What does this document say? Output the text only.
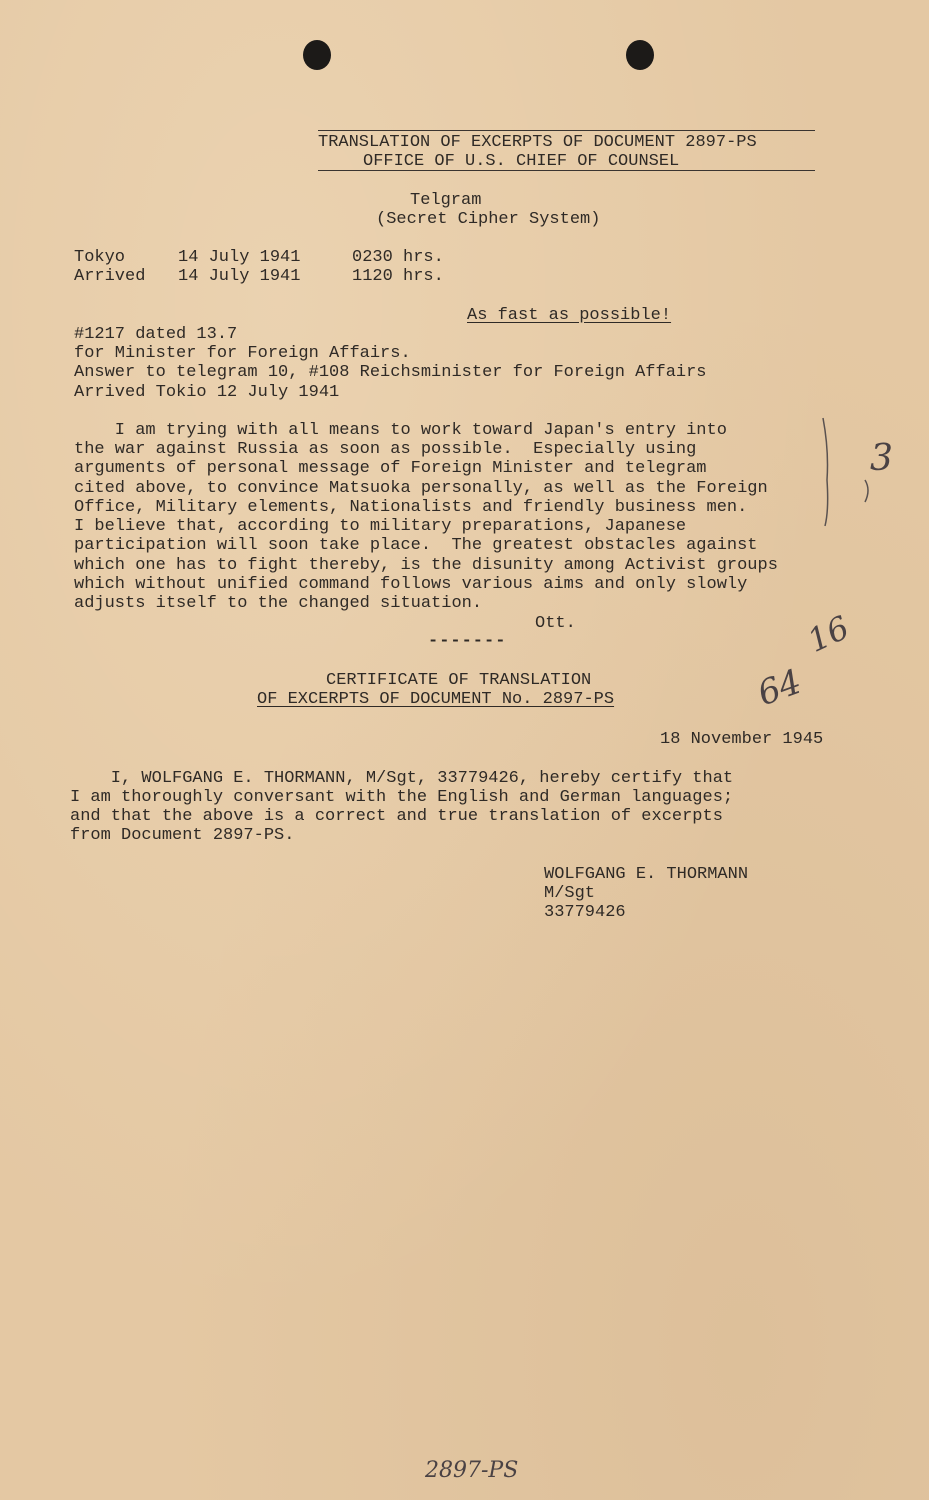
TRANSLATION OF EXCERPTS OF DOCUMENT 2897-PS
OFFICE OF U.S. CHIEF OF COUNSEL
Telgram
(Secret Cipher System)
Tokyo	14 July 1941	0230 hrs.
Arrived 14 July 1941	1120 hrs.
As fast as possible!
#1217 dated 13.7
for Minister for Foreign Affairs.
Answer to telegram 10, #108 Reichsminister for Foreign Affairs
Arrived Tokio 12 July 1941
I am trying with all means to work toward Japan's entry into
the war against Russia as soon as possible.  Especially using
arguments of personal message of Foreign Minister and telegram
cited above, to convince Matsuoka personally, as well as the Foreign
Office, Military elements, Nationalists and friendly business men.
I believe that, according to military preparations, Japanese
participation will soon take place.  The greatest obstacles against
which one has to fight thereby, is the disunity among Activist groups
which without unified command follows various aims and only slowly
adjusts itself to the changed situation.
Ott.
-------
CERTIFICATE OF TRANSLATION
OF EXCERPTS OF DOCUMENT No. 2897-PS
18 November 1945
I, WOLFGANG E. THORMANN, M/Sgt, 33779426, hereby certify that
I am thoroughly conversant with the English and German languages;
and that the above is a correct and true translation of excerpts
from Document 2897-PS.
WOLFGANG E. THORMANN
M/Sgt
33779426
3
16
64
2897-PS
